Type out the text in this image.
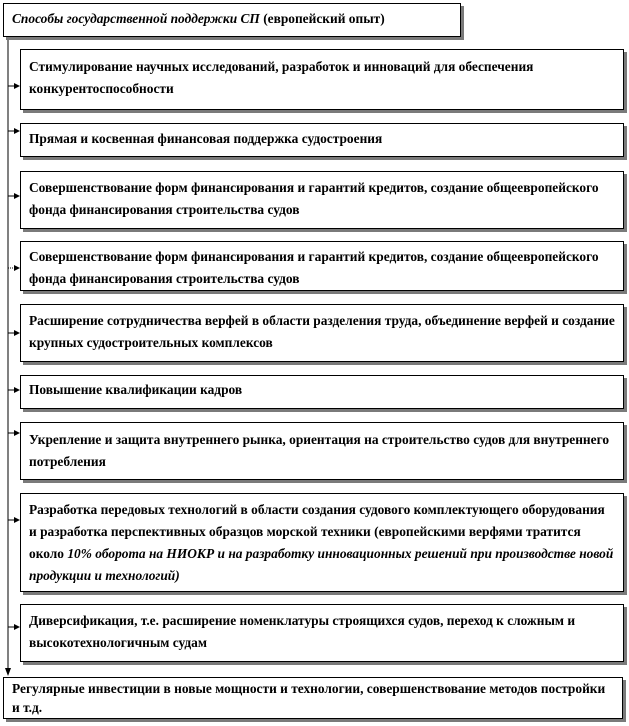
Способы государственной поддержки СП (европейский опыт)
Стимулирование научных исследований, разработок и инноваций для обеспечения конкурентоспособности
Прямая и косвенная финансовая поддержка судостроения
Совершенствование форм финансирования и гарантий кредитов, создание общеевропейского фонда финансирования строительства судов
Совершенствование форм финансирования и гарантий кредитов, создание общеевропейского фонда финансирования строительства судов
Расширение сотрудничества верфей в области разделения труда, объединение верфей и создание крупных судостроительных комплексов
Повышение квалификации кадров
Укрепление и защита внутреннего рынка, ориентация на строительство судов для внутреннего потребления
Разработка передовых технологий в области создания судового комплектующего оборудования и разработка перспективных образцов морской техники (европейскими верфями тратится около 10% оборота на НИОКР и на разработку инновационных решений при производстве новой продукции и технологий)
Диверсификация, т.е. расширение номенклатуры строящихся судов, переход к сложным и высокотехнологичным судам
Регулярные инвестиции в новые мощности и технологии, совершенствование методов постройки и т.д.
